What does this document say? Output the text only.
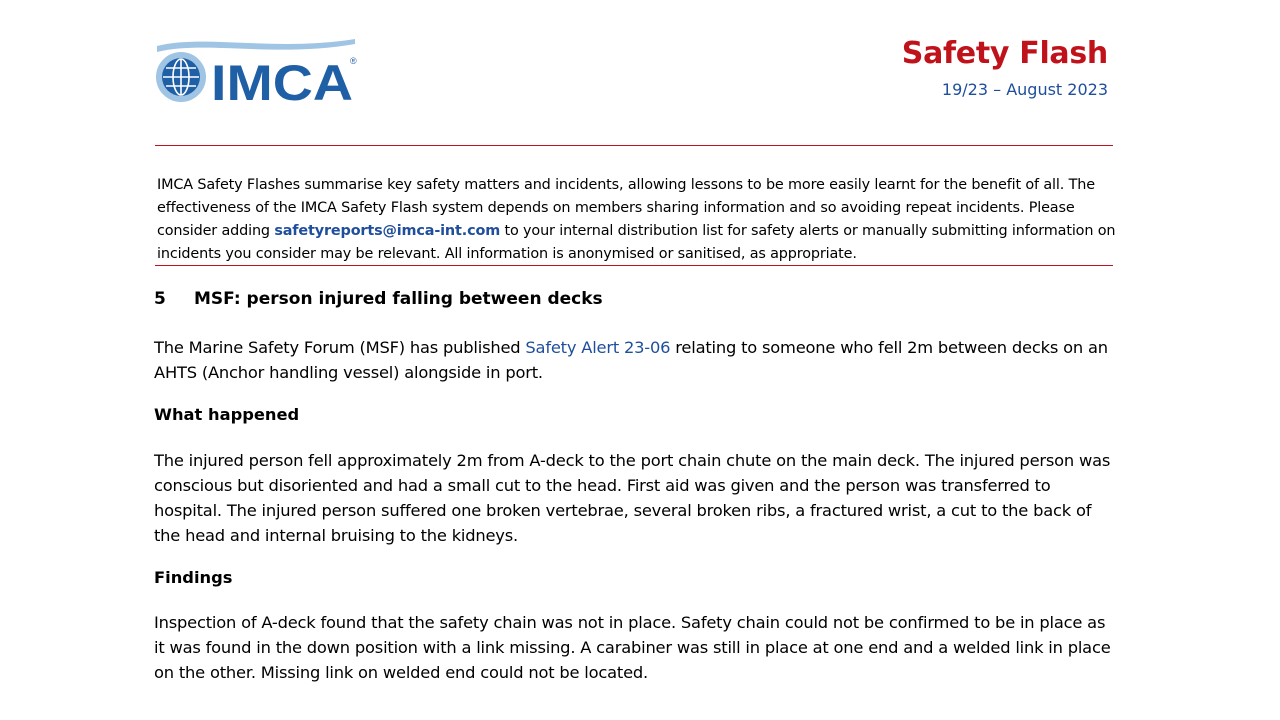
IMCA
®	Safety Flash
19/23 – August 2023

IMCA Safety Flashes summarise key safety matters and incidents, allowing lessons to be more easily learnt for the benefit of all. The effectiveness of the IMCA Safety Flash system depends on members sharing information and so avoiding repeat incidents. Please consider adding safetyreports@imca-int.com to your internal distribution list for safety alerts or manually submitting information on incidents you consider may be relevant. All information is anonymised or sanitised, as appropriate.

5 MSF: person injured falling between decks

The Marine Safety Forum (MSF) has published Safety Alert 23-06 relating to someone who fell 2m between decks on an AHTS (Anchor handling vessel) alongside in port.

What happened

The injured person fell approximately 2m from A-deck to the port chain chute on the main deck. The injured person was conscious but disoriented and had a small cut to the head. First aid was given and the person was transferred to hospital. The injured person suffered one broken vertebrae, several broken ribs, a fractured wrist, a cut to the back of the head and internal bruising to the kidneys.

Findings

Inspection of A-deck found that the safety chain was not in place. Safety chain could not be confirmed to be in place as it was found in the down position with a link missing. A carabiner was still in place at one end and a welded link in place on the other. Missing link on welded end could not be located.
